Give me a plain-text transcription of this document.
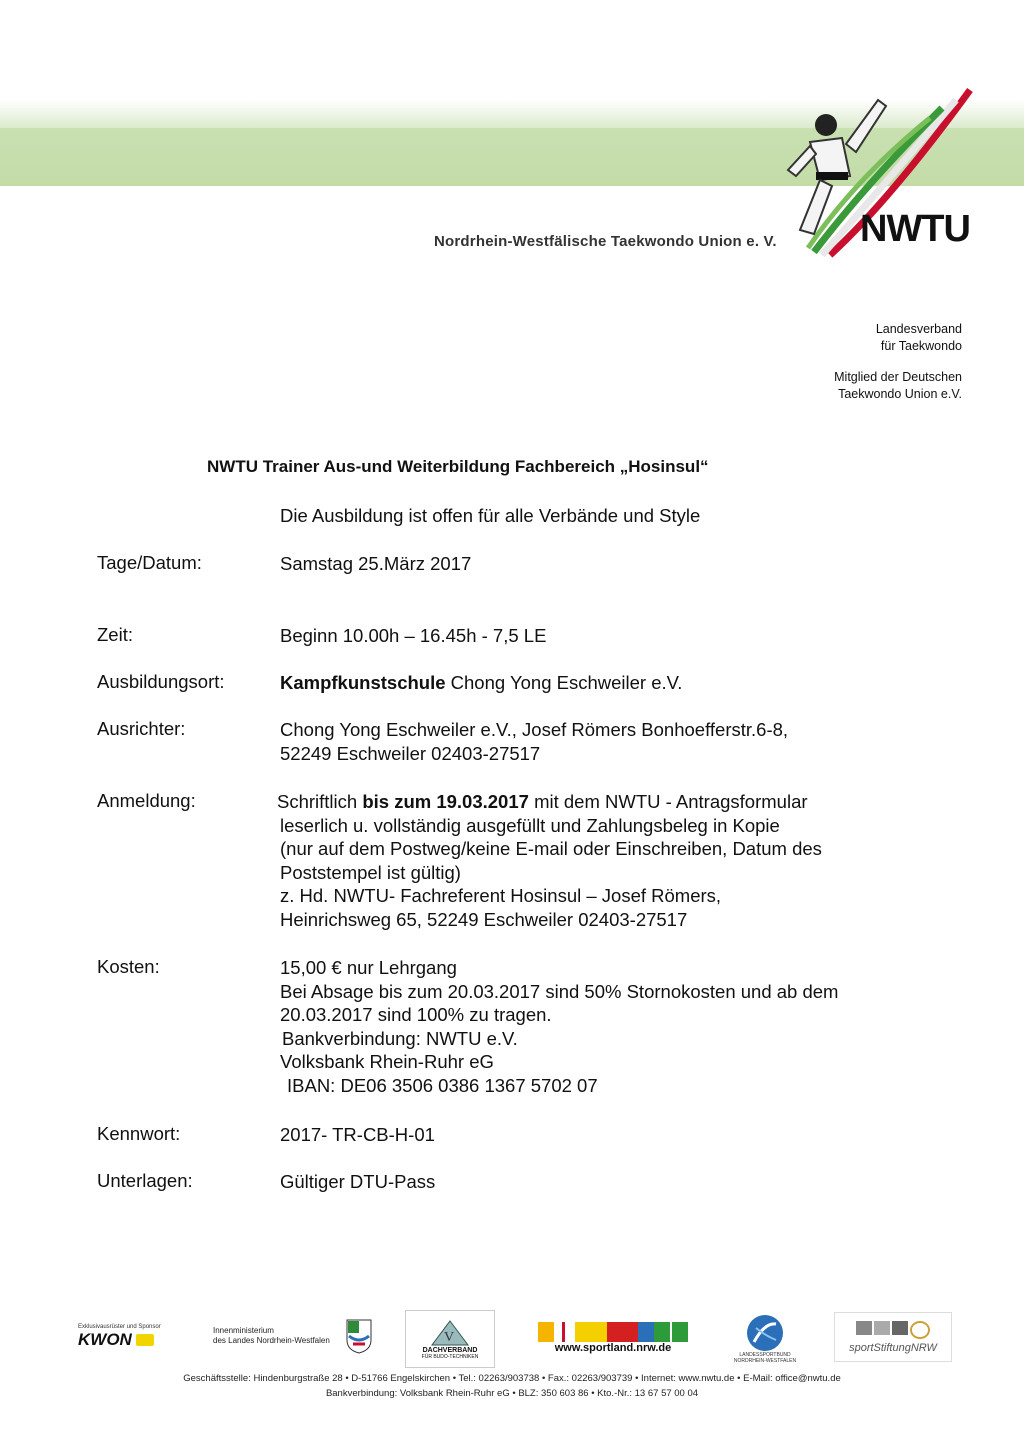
NWTU
Nordrhein-Westfälische Taekwondo Union e. V.
Landesverband
für Taekwondo
Mitglied der Deutschen
Taekwondo Union e.V.
NWTU Trainer Aus-und Weiterbildung Fachbereich „Hosinsul“
Die Ausbildung ist offen für alle Verbände und Style
Tage/Datum:	Samstag 25.März 2017
Zeit:	Beginn 10.00h – 16.45h - 7,5 LE
Ausbildungsort:	Kampfkunstschule Chong Yong Eschweiler e.V.
Ausrichter:	Chong Yong Eschweiler e.V., Josef Römers Bonhoefferstr.6-8,
52249 Eschweiler 02403-27517
Anmeldung:	Schriftlich bis zum 19.03.2017 mit dem NWTU - Antragsformular
leserlich u. vollständig ausgefüllt und Zahlungsbeleg in Kopie
(nur auf dem Postweg/keine E-mail oder Einschreiben, Datum des
Poststempel ist gültig)
z. Hd. NWTU- Fachreferent Hosinsul – Josef Römers,
Heinrichsweg 65, 52249 Eschweiler 02403-27517
Kosten:	15,00 € nur Lehrgang
Bei Absage bis zum 20.03.2017 sind 50% Stornokosten und ab dem
20.03.2017 sind 100% zu tragen.
Bankverbindung: NWTU e.V.
Volksbank Rhein-Ruhr eG
IBAN: DE06 3506 0386 1367 5702 07
Kennwort:	2017- TR-CB-H-01
Unterlagen:	Gültiger DTU-Pass
Exklusivausrüster und Sponsor
KWON	Innenministerium
des Landes Nordrhein-Westfalen	V
DACHVERBAND
FÜR BUDO-TECHNIKEN
www.sportland.nrw.de
LANDESSPORTBUND
NORDRHEIN-WESTFALEN
sportStiftungNRW
Geschäftsstelle: Hindenburgstraße 28 • D-51766 Engelskirchen • Tel.: 02263/903738 • Fax.: 02263/903739 • Internet: www.nwtu.de • E-Mail: office@nwtu.de
Bankverbindung: Volksbank Rhein-Ruhr eG • BLZ: 350 603 86 • Kto.-Nr.: 13 67 57 00 04
